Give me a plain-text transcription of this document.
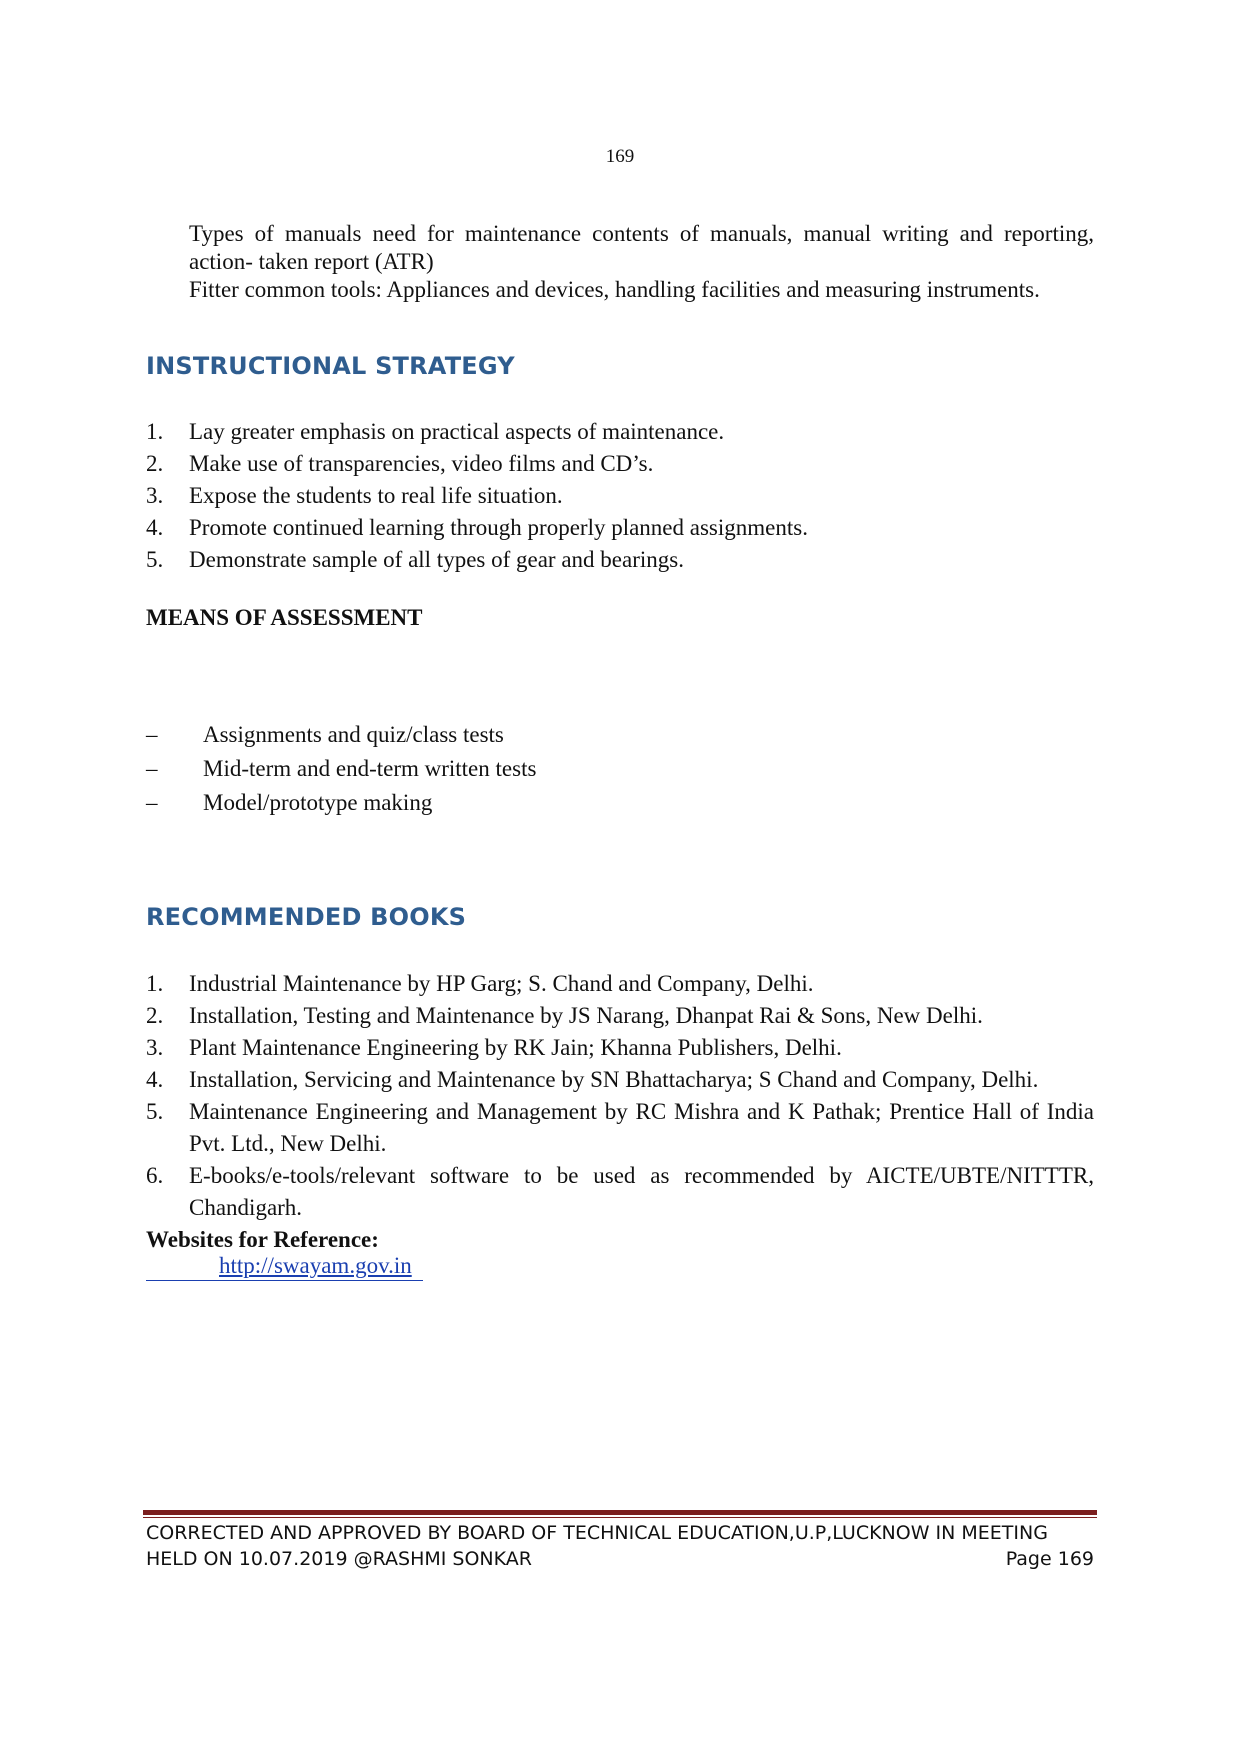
169

Types of manuals need for maintenance contents of manuals, manual writing and reporting, action- taken report (ATR)

Fitter common tools: Appliances and devices, handling facilities and measuring instruments.

INSTRUCTIONAL STRATEGY
1.	Lay greater emphasis on practical aspects of maintenance.
2.	Make use of transparencies, video films and CD’s.
3.	Expose the students to real life situation.
4.	Promote continued learning through properly planned assignments.
5.	Demonstrate sample of all types of gear and bearings.
MEANS OF ASSESSMENT
–	Assignments and quiz/class tests
–	Mid-term and end-term written tests
–	Model/prototype making
RECOMMENDED BOOKS
1.	Industrial Maintenance by HP Garg; S. Chand and Company, Delhi.
2.	Installation, Testing and Maintenance by JS Narang, Dhanpat Rai & Sons, New Delhi.
3.	Plant Maintenance Engineering by RK Jain; Khanna Publishers, Delhi.
4.	Installation, Servicing and Maintenance by SN Bhattacharya; S Chand and Company, Delhi.
5.	Maintenance Engineering and Management by RC Mishra and K Pathak; Prentice Hall of India Pvt. Ltd., New Delhi.
6.	E-books/e-tools/relevant software to be used as recommended by AICTE/UBTE/NITTTR, Chandigarh.

Websites for Reference:

http://swayam.gov.in
CORRECTED AND APPROVED BY BOARD OF TECHNICAL EDUCATION,U.P,LUCKNOW IN MEETING
HELD ON 10.07.2019 @RASHMI SONKAR	Page 169
